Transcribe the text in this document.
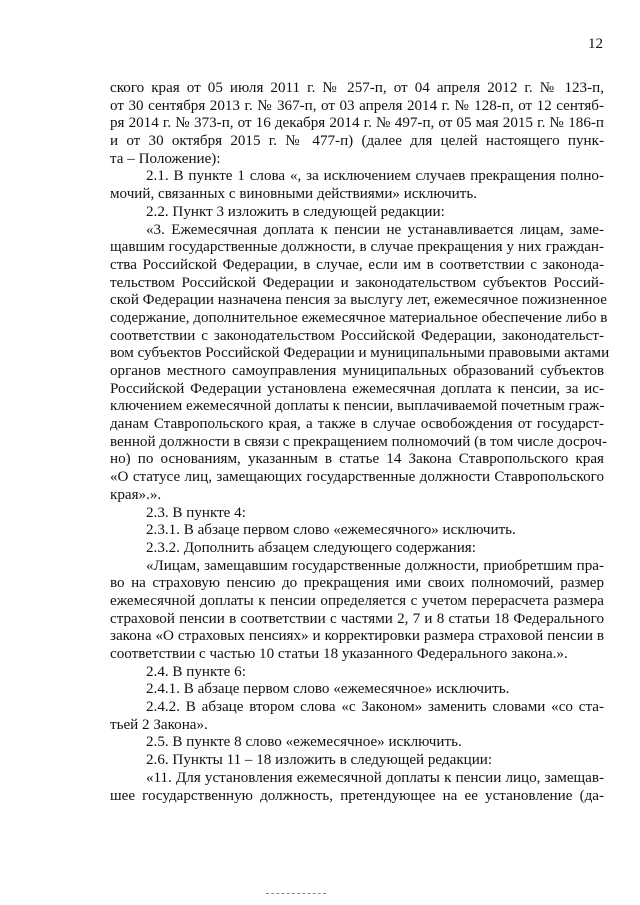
12
ского края от 05 июля 2011 г. № 257-п, от 04 апреля 2012 г. № 123-п,
от 30 сентября 2013 г. № 367-п, от 03 апреля 2014 г. № 128-п, от 12 сентяб-
ря 2014 г. № 373-п, от 16 декабря 2014 г. № 497-п, от 05 мая 2015 г. № 186-п
и от 30 октября 2015 г. № 477-п) (далее для целей настоящего пунк-
та – Положение):
2.1. В пункте 1 слова «, за исключением случаев прекращения полно-
мочий, связанных с виновными действиями» исключить.
2.2. Пункт 3 изложить в следующей редакции:
«3. Ежемесячная доплата к пенсии не устанавливается лицам, заме-
щавшим государственные должности, в случае прекращения у них граждан-
ства Российской Федерации, в случае, если им в соответствии с законода-
тельством Российской Федерации и законодательством субъектов Россий-
ской Федерации назначена пенсия за выслугу лет, ежемесячное пожизненное
содержание, дополнительное ежемесячное материальное обеспечение либо в
соответствии с законодательством Российской Федерации, законодательст-
вом субъектов Российской Федерации и муниципальными правовыми актами
органов местного самоуправления муниципальных образований субъектов
Российской Федерации установлена ежемесячная доплата к пенсии, за ис-
ключением ежемесячной доплаты к пенсии, выплачиваемой почетным граж-
данам Ставропольского края, а также в случае освобождения от государст-
венной должности в связи с прекращением полномочий (в том числе досроч-
но) по основаниям, указанным в статье 14 Закона Ставропольского края
«О статусе лиц, замещающих государственные должности Ставропольского
края».».
2.3. В пункте 4:
2.3.1. В абзаце первом слово «ежемесячного» исключить.
2.3.2. Дополнить абзацем следующего содержания:
«Лицам, замещавшим государственные должности, приобретшим пра-
во на страховую пенсию до прекращения ими своих полномочий, размер
ежемесячной доплаты к пенсии определяется с учетом перерасчета размера
страховой пенсии в соответствии с частями 2, 7 и 8 статьи 18 Федерального
закона «О страховых пенсиях» и корректировки размера страховой пенсии в
соответствии с частью 10 статьи 18 указанного Федерального закона.».
2.4. В пункте 6:
2.4.1. В абзаце первом слово «ежемесячное» исключить.
2.4.2. В абзаце втором слова «с Законом» заменить словами «со ста-
тьей 2 Закона».
2.5. В пункте 8 слово «ежемесячное» исключить.
2.6. Пункты 11 – 18 изложить в следующей редакции:
«11. Для установления ежемесячной доплаты к пенсии лицо, замещав-
шее государственную должность, претендующее на ее установление (да-
